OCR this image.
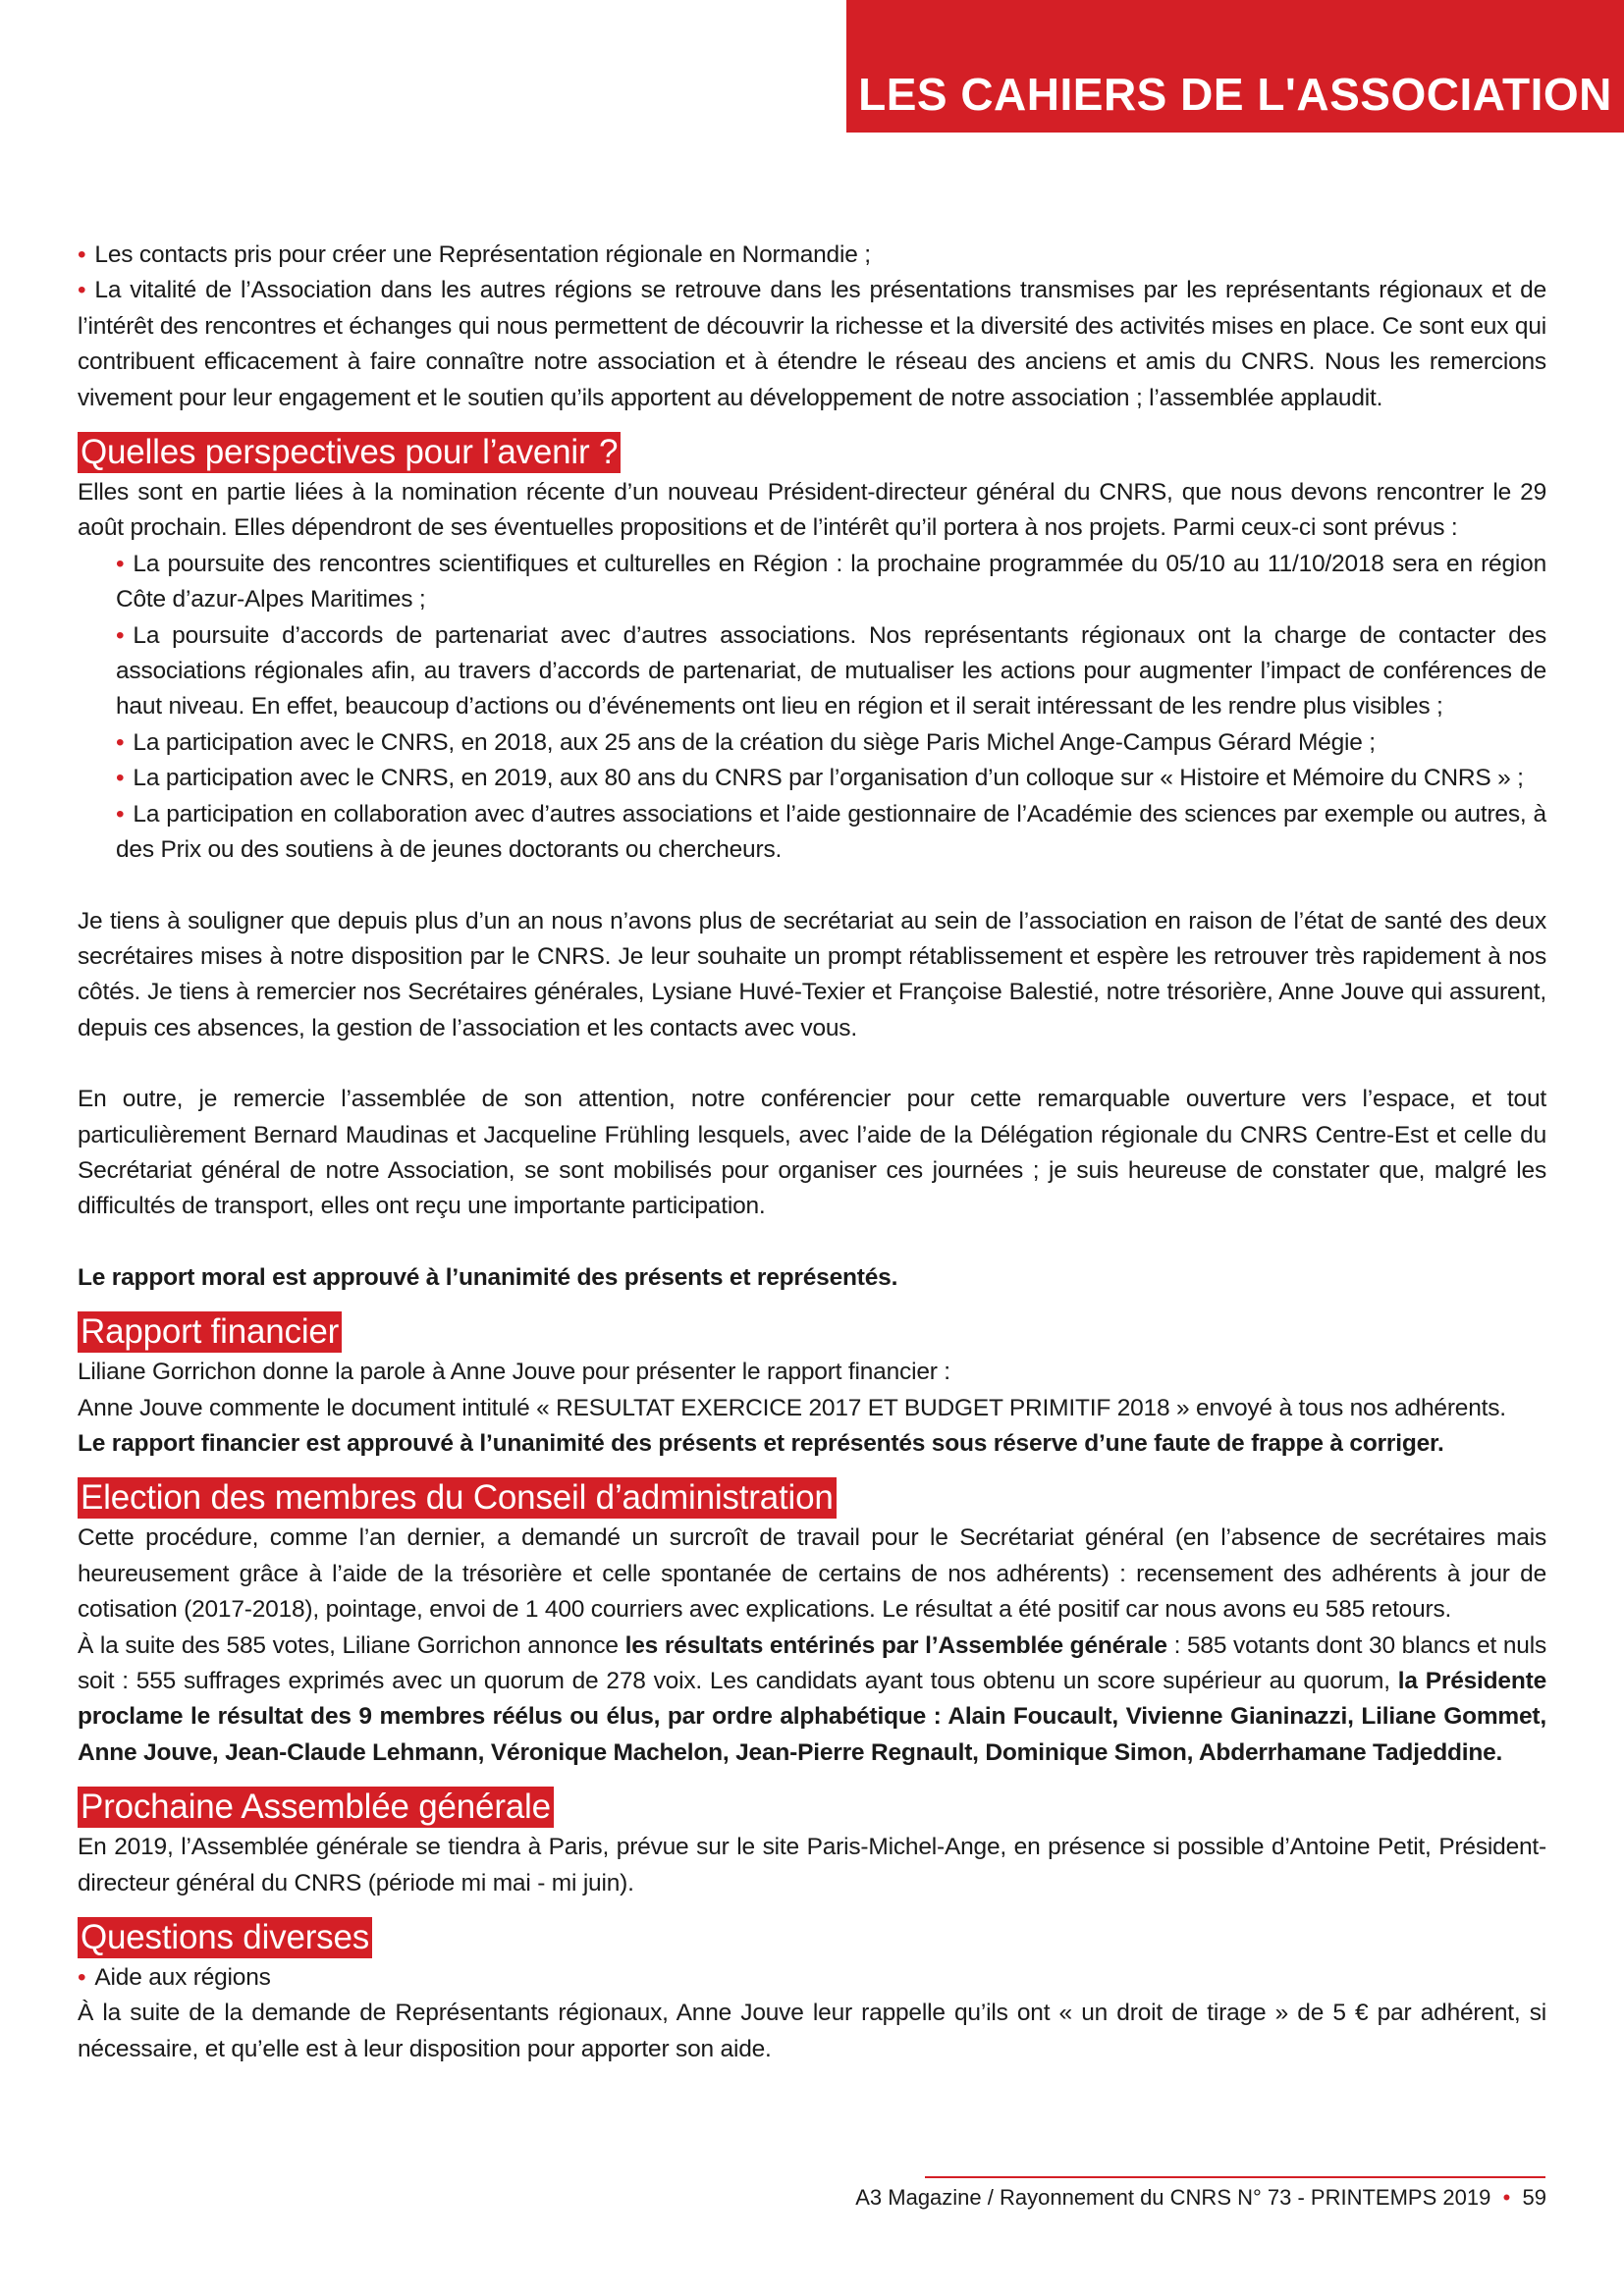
LES CAHIERS DE L'ASSOCIATION

• Les contacts pris pour créer une Représentation régionale en Normandie ;

• La vitalité de l’Association dans les autres régions se retrouve dans les présentations transmises par les représentants régionaux et de l’intérêt des rencontres et échanges qui nous permettent de découvrir la richesse et la diversité des activités mises en place. Ce sont eux qui contribuent efficacement à faire connaître notre association et à étendre le réseau des anciens et amis du CNRS. Nous les remercions vivement pour leur engagement et le soutien qu’ils apportent au développement de notre association ; l’assemblée applaudit.

Quelles perspectives pour l’avenir ?

Elles sont en partie liées à la nomination récente d’un nouveau Président-directeur général du CNRS, que nous devons rencontrer le 29 août prochain. Elles dépendront de ses éventuelles propositions et de l’intérêt qu’il portera à nos projets. Parmi ceux-ci sont prévus :

• La poursuite des rencontres scientifiques et culturelles en Région : la prochaine programmée du 05/10 au 11/10/2018 sera en région Côte d’azur-Alpes Maritimes ;

• La poursuite d’accords de partenariat avec d’autres associations. Nos représentants régionaux ont la charge de contacter des associations régionales afin, au travers d’accords de partenariat, de mutualiser les actions pour augmenter l’impact de conférences de haut niveau. En effet, beaucoup d’actions ou d’événements ont lieu en région et il serait intéressant de les rendre plus visibles ;

• La participation avec le CNRS, en 2018, aux 25 ans de la création du siège Paris Michel Ange-Campus Gérard Mégie ;

• La participation avec le CNRS, en 2019, aux 80 ans du CNRS par l’organisation d’un colloque sur « Histoire et Mémoire du CNRS » ;

• La participation en collaboration avec d’autres associations et l’aide gestionnaire de l’Académie des sciences par exemple ou autres, à des Prix ou des soutiens à de jeunes doctorants ou chercheurs.

Je tiens à souligner que depuis plus d’un an nous n’avons plus de secrétariat au sein de l’association en raison de l’état de santé des deux secrétaires mises à notre disposition par le CNRS. Je leur souhaite un prompt rétablissement et espère les retrouver très rapidement à nos côtés. Je tiens à remercier nos Secrétaires générales, Lysiane Huvé-Texier et Françoise Balestié, notre trésorière, Anne Jouve qui assurent, depuis ces absences, la gestion de l’association et les contacts avec vous.

En outre, je remercie l’assemblée de son attention, notre conférencier pour cette remarquable ouverture vers l’espace, et tout particulièrement Bernard Maudinas et Jacqueline Frühling lesquels, avec l’aide de la Délégation régionale du CNRS Centre-Est et celle du Secrétariat général de notre Association, se sont mobilisés pour organiser ces journées ; je suis heureuse de constater que, malgré les difficultés de transport, elles ont reçu une importante participation.

Le rapport moral est approuvé à l’unanimité des présents et représentés.

Rapport financier

Liliane Gorrichon donne la parole à Anne Jouve pour présenter le rapport financier :

Anne Jouve commente le document intitulé « RESULTAT EXERCICE 2017 ET BUDGET PRIMITIF 2018 » envoyé à tous nos adhérents.

Le rapport financier est approuvé à l’unanimité des présents et représentés sous réserve d’une faute de frappe à corriger.

Election des membres du Conseil d’administration

Cette procédure, comme l’an dernier, a demandé un surcroît de travail pour le Secrétariat général (en l’absence de secrétaires mais heureusement grâce à l’aide de la trésorière et celle spontanée de certains de nos adhérents) : recensement des adhérents à jour de cotisation (2017-2018), pointage, envoi de 1 400 courriers avec explications. Le résultat a été positif car nous avons eu 585 retours.

À la suite des 585 votes, Liliane Gorrichon annonce les résultats entérinés par l’Assemblée générale : 585 votants dont 30 blancs et nuls soit : 555 suffrages exprimés avec un quorum de 278 voix. Les candidats ayant tous obtenu un score supérieur au quorum, la Présidente proclame le résultat des 9 membres réélus ou élus, par ordre alphabétique : Alain Foucault, Vivienne Gianinazzi, Liliane Gommet, Anne Jouve, Jean-Claude Lehmann, Véronique Machelon, Jean-Pierre Regnault, Dominique Simon, Abderrhamane Tadjeddine.

Prochaine Assemblée générale

En 2019, l’Assemblée générale se tiendra à Paris, prévue sur le site Paris-Michel-Ange, en présence si possible d’Antoine Petit, Président-directeur général du CNRS (période mi mai - mi juin).

Questions diverses

• Aide aux régions

À la suite de la demande de Représentants régionaux, Anne Jouve leur rappelle qu’ils ont « un droit de tirage » de 5 € par adhérent, si nécessaire, et qu’elle est à leur disposition pour apporter son aide.

A3 Magazine / Rayonnement du CNRS N° 73 - PRINTEMPS 2019  •  59
